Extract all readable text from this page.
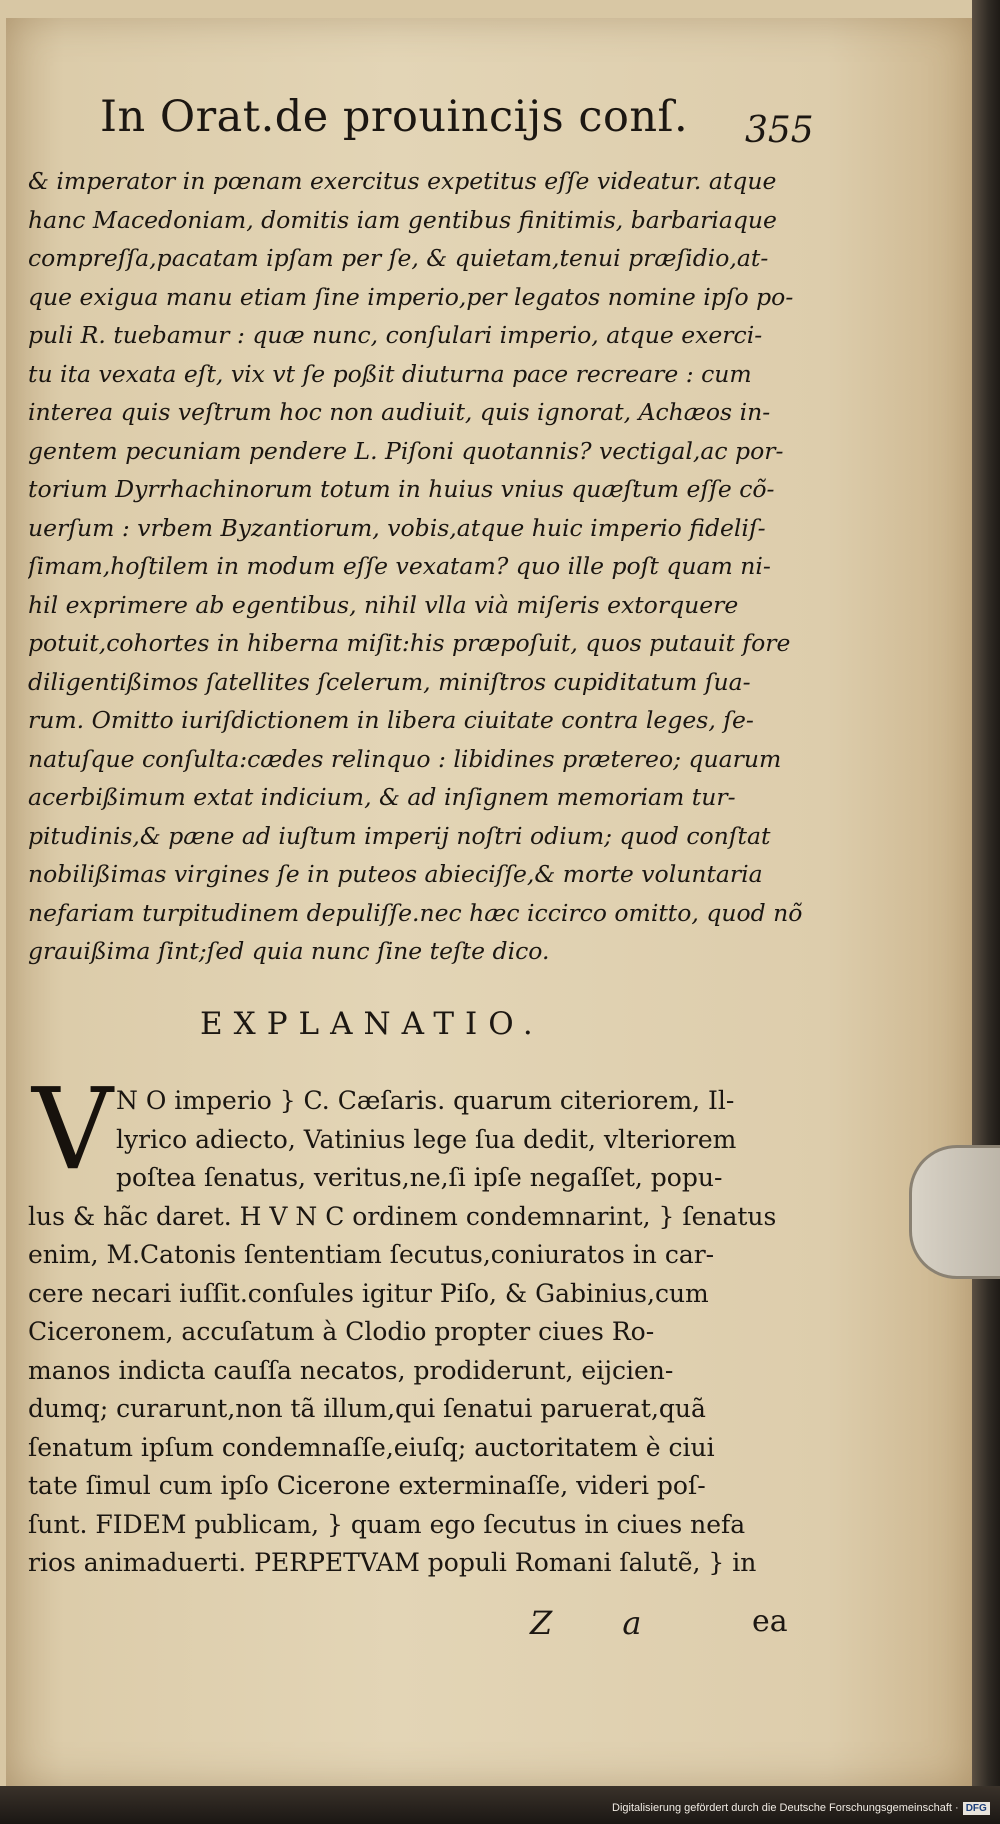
In Orat.de prouincijs conſ.	355
& imperator in pœnam exercitus expetitus eſſe videatur. atque
hanc Macedoniam, domitis iam gentibus finitimis, barbariaque
compreſſa,pacatam ipſam per ſe, & quietam,tenui præſidio,at-
que exigua manu etiam ſine imperio,per legatos nomine ipſo po-
puli R. tuebamur : quæ nunc, conſulari imperio, atque exerci-
tu ita vexata eſt, vix vt ſe poßit diuturna pace recreare : cum
interea quis veſtrum hoc non audiuit, quis ignorat, Achæos in-
gentem pecuniam pendere L. Piſoni quotannis? vectigal,ac por-
torium Dyrrhachinorum totum in huius vnius quæſtum eſſe cõ-
uerſum : vrbem Byzantiorum, vobis,atque huic imperio fideliſ-
ſimam,hoſtilem in modum eſſe vexatam? quo ille poſt quam ni-
hil exprimere ab egentibus, nihil vlla vià miſeris extorquere
potuit,cohortes in hiberna miſit:his præpoſuit, quos putauit fore
diligentißimos ſatellites ſcelerum, miniſtros cupiditatum ſua-
rum. Omitto iuriſdictionem in libera ciuitate contra leges, ſe-
natuſque conſulta:cædes relinquo : libidines prætereo; quarum
acerbißimum extat indicium, & ad inſignem memoriam tur-
pitudinis,& pæne ad iuſtum imperij noſtri odium; quod conſtat
nobilißimas virgines ſe in puteos abieciſſe,& morte voluntaria
nefariam turpitudinem depuliſſe.nec hæc iccirco omitto, quod nõ
grauißima ſint;ſed quia nunc ſine teſte dico.
EXPLANATIO.
V N O imperio } C. Cæſaris. quarum citeriorem, Il-
lyrico adiecto, Vatinius lege ſua dedit, vlteriorem
poſtea ſenatus, veritus,ne,ſi ipſe negaſſet, popu-
lus & hãc daret. H V N C ordinem condemnarint, } ſenatus
enim, M.Catonis ſententiam ſecutus,coniuratos in car-
cere necari iuſſit.conſules igitur Piſo, & Gabinius,cum
Ciceronem, accuſatum à Clodio propter ciues Ro-
manos indicta cauſſa necatos, prodiderunt, eijcien-
dumq; curarunt,non tã illum,qui ſenatui paruerat,quã
ſenatum ipſum condemnaſſe,eiuſq; auctoritatem è ciui
tate ſimul cum ipſo Cicerone exterminaſſe, videri poſ-
ſunt. FIDEM publicam, } quam ego ſecutus in ciues nefa
rios animaduerti. PERPETVAM populi Romani ſalutẽ, } in
Z a	ea
Digitalisierung gefördert durch die Deutsche Forschungsgemeinschaft · DFG
